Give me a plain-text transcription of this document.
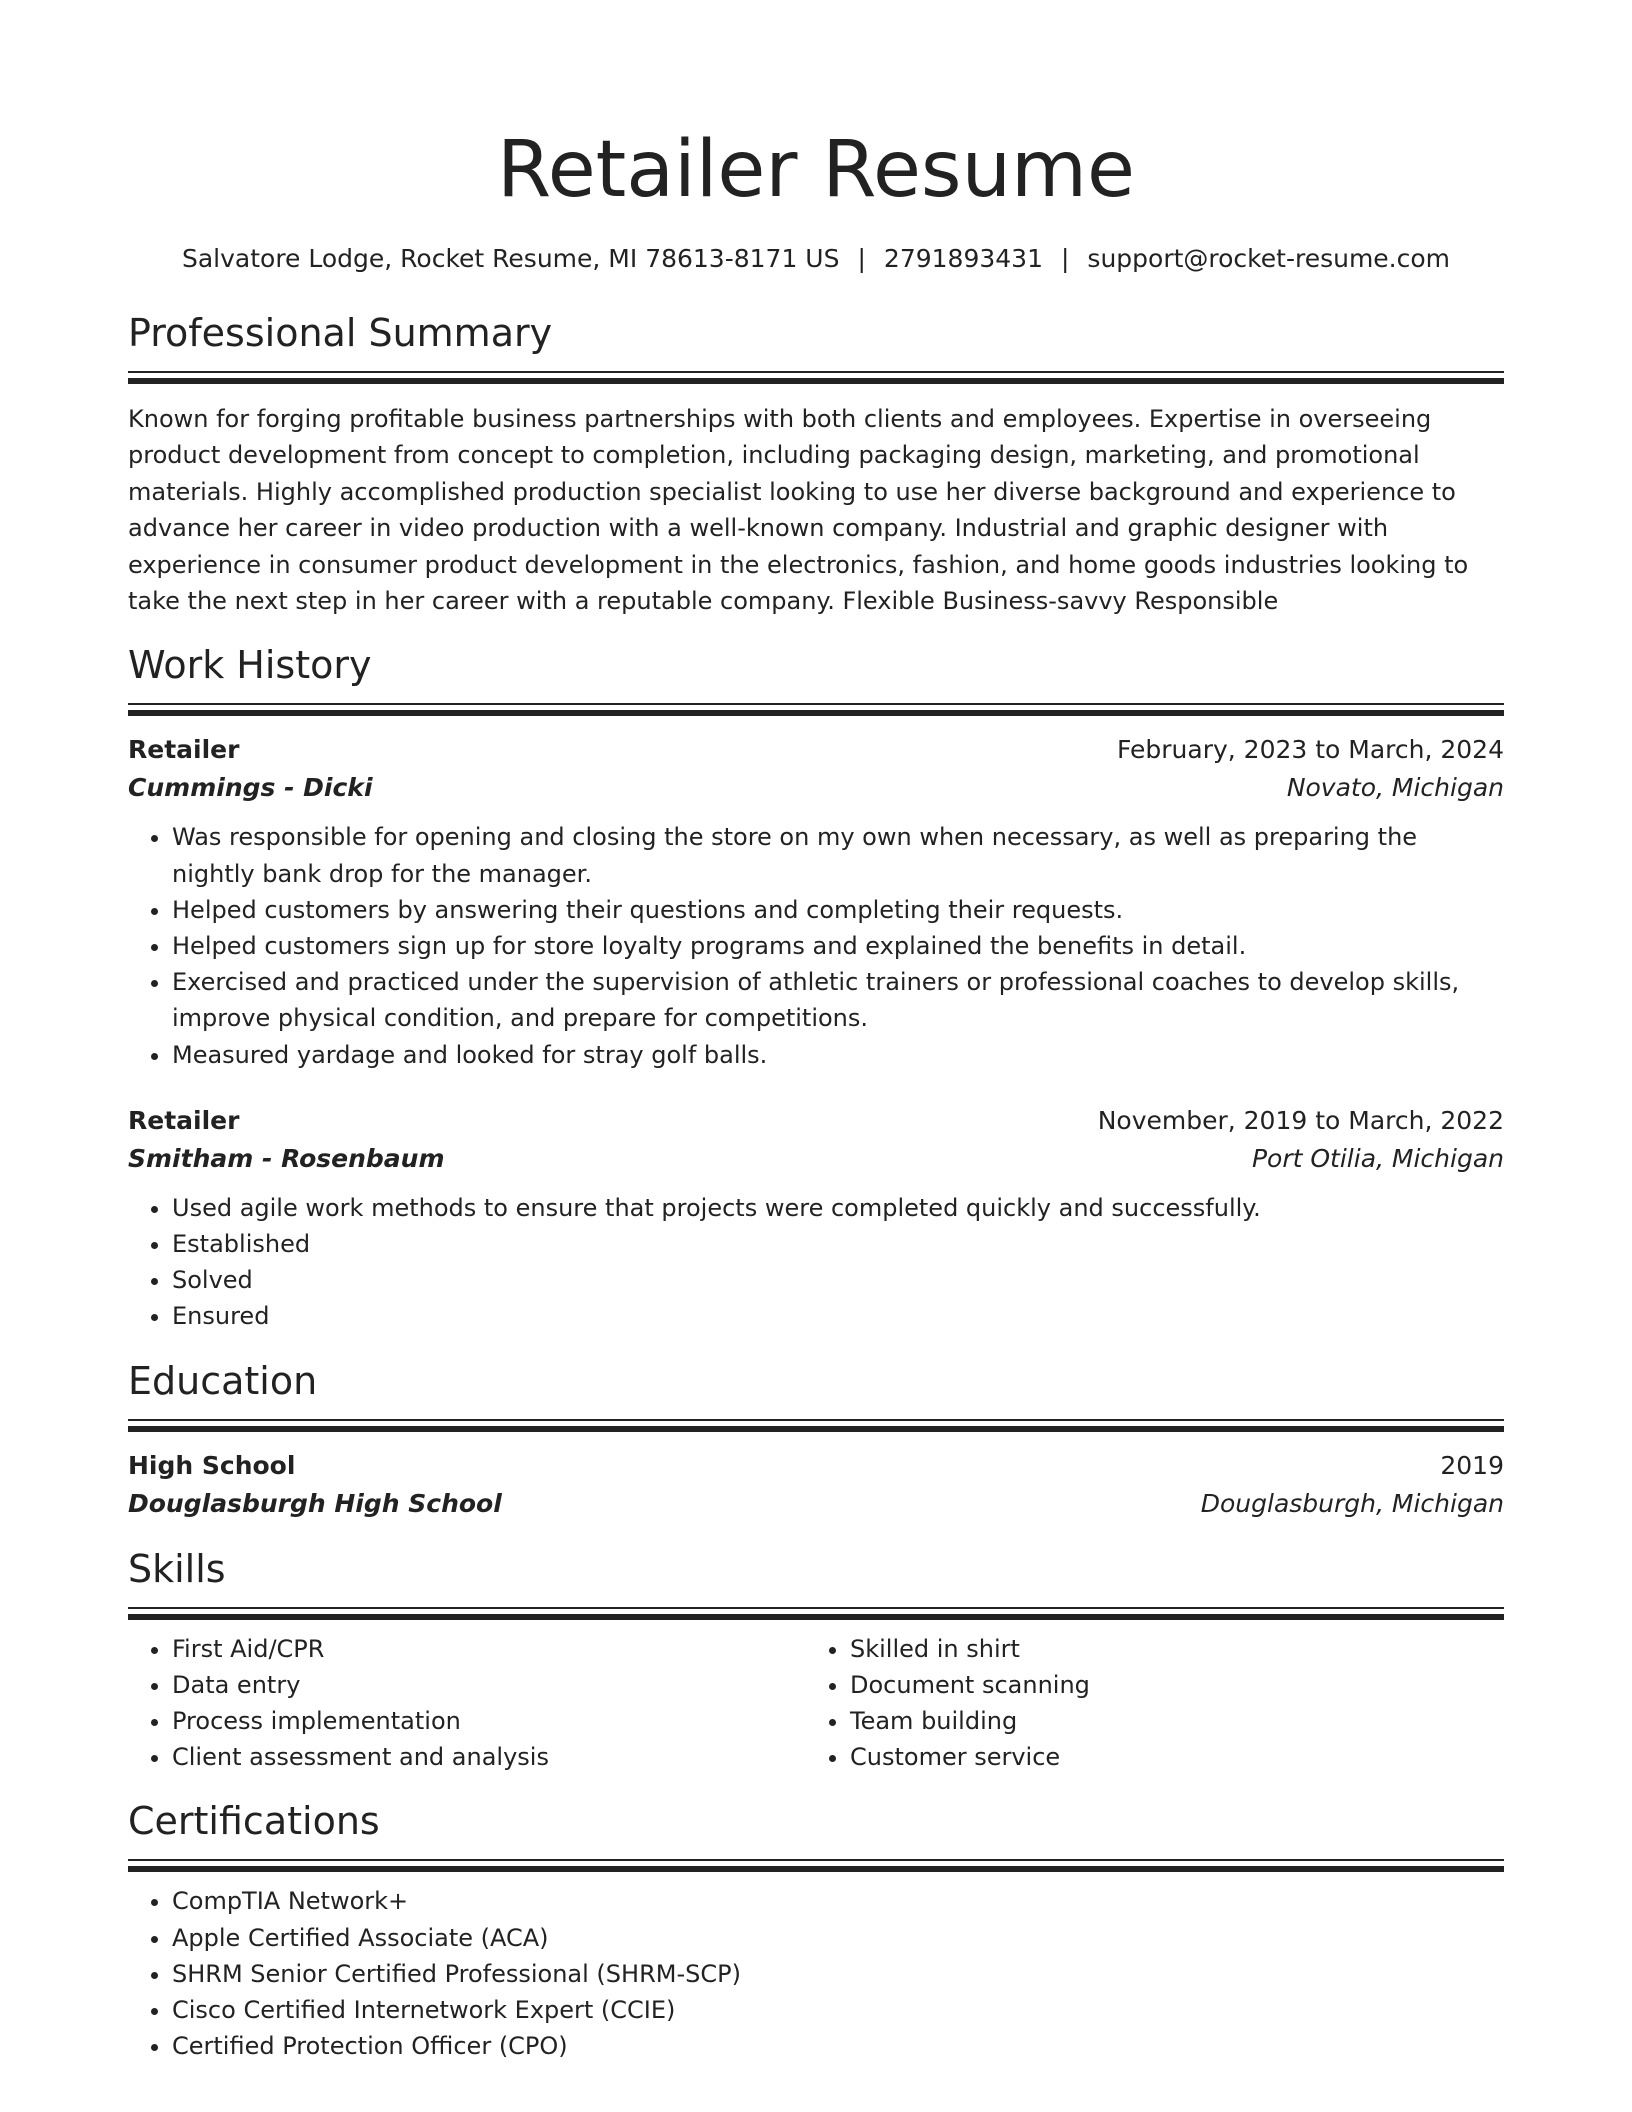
Retailer Resume
Salvatore Lodge, Rocket Resume, MI 78613-8171 US | 2791893431 | support@rocket-resume.com
Professional Summary

Known for forging profitable business partnerships with both clients and employees. Expertise in overseeing product development from concept to completion, including packaging design, marketing, and promotional materials. Highly accomplished production specialist looking to use her diverse background and experience to advance her career in video production with a well-known company. Industrial and graphic designer with experience in consumer product development in the electronics, fashion, and home goods industries looking to take the next step in her career with a reputable company. Flexible Business-savvy Responsible

Work History
Retailer	February, 2023 to March, 2024
Cummings - Dicki	Novato, Michigan
• Was responsible for opening and closing the store on my own when necessary, as well as preparing the nightly bank drop for the manager.
• Helped customers by answering their questions and completing their requests.
• Helped customers sign up for store loyalty programs and explained the benefits in detail.
• Exercised and practiced under the supervision of athletic trainers or professional coaches to develop skills, improve physical condition, and prepare for competitions.
• Measured yardage and looked for stray golf balls.
Retailer	November, 2019 to March, 2022
Smitham - Rosenbaum	Port Otilia, Michigan
• Used agile work methods to ensure that projects were completed quickly and successfully.
• Established
• Solved
• Ensured
Education
High School	2019
Douglasburgh High School	Douglasburgh, Michigan
Skills
• First Aid/CPR
• Data entry
• Process implementation
• Client assessment and analysis
• Skilled in shirt
• Document scanning
• Team building
• Customer service
Certifications
• CompTIA Network+
• Apple Certified Associate (ACA)
• SHRM Senior Certified Professional (SHRM-SCP)
• Cisco Certified Internetwork Expert (CCIE)
• Certified Protection Officer (CPO)
